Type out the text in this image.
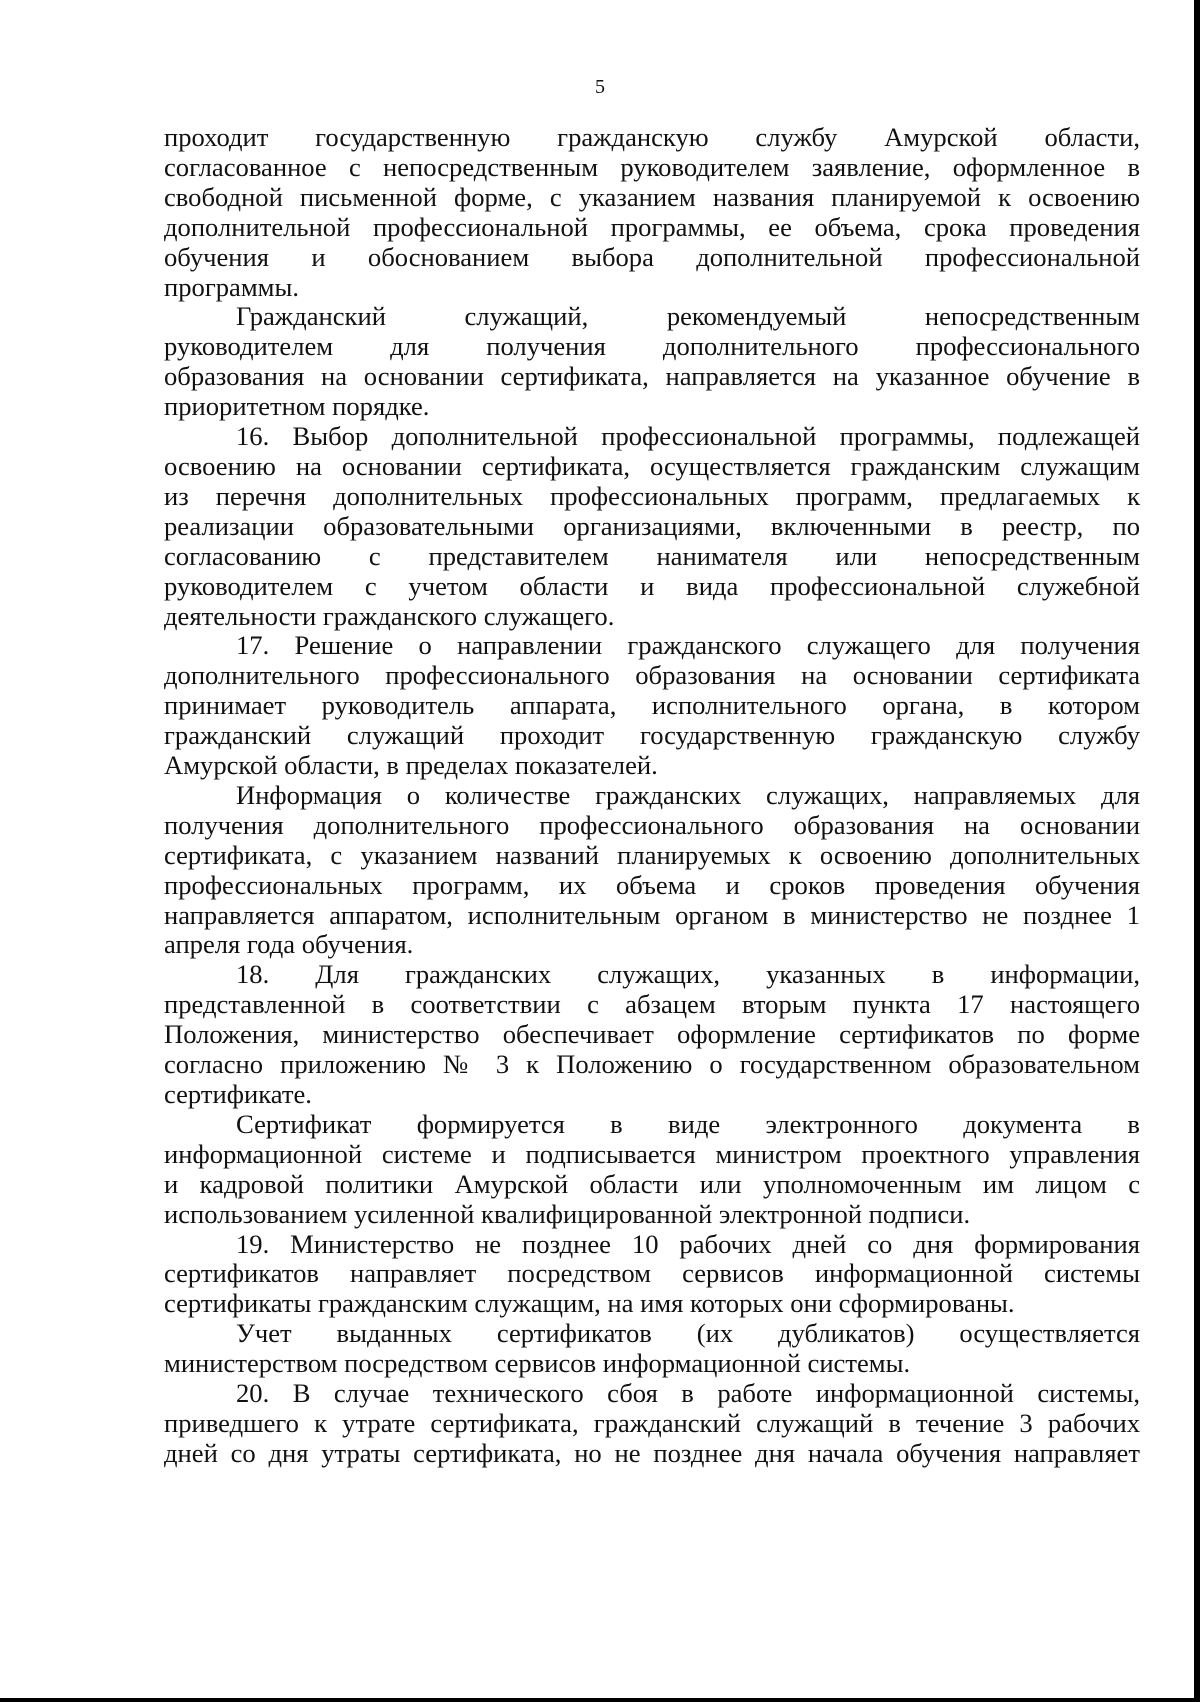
5
проходит государственную гражданскую службу Амурской области,
согласованное с непосредственным руководителем заявление, оформленное в
свободной письменной форме, с указанием названия планируемой к освоению
дополнительной профессиональной программы, ее объема, срока проведения
обучения и обоснованием выбора дополнительной профессиональной
программы.
Гражданский служащий, рекомендуемый непосредственным
руководителем для получения дополнительного профессионального
образования на основании сертификата, направляется на указанное обучение в
приоритетном порядке.
16. Выбор дополнительной профессиональной программы, подлежащей
освоению на основании сертификата, осуществляется гражданским служащим
из перечня дополнительных профессиональных программ, предлагаемых к
реализации образовательными организациями, включенными в реестр, по
согласованию с представителем нанимателя или непосредственным
руководителем с учетом области и вида профессиональной служебной
деятельности гражданского служащего.
17. Решение о направлении гражданского служащего для получения
дополнительного профессионального образования на основании сертификата
принимает руководитель аппарата, исполнительного органа, в котором
гражданский служащий проходит государственную гражданскую службу
Амурской области, в пределах показателей.
Информация о количестве гражданских служащих, направляемых для
получения дополнительного профессионального образования на основании
сертификата, с указанием названий планируемых к освоению дополнительных
профессиональных программ, их объема и сроков проведения обучения
направляется аппаратом, исполнительным органом в министерство не позднее 1
апреля года обучения.
18. Для гражданских служащих, указанных в информации,
представленной в соответствии с абзацем вторым пункта 17 настоящего
Положения, министерство обеспечивает оформление сертификатов по форме
согласно приложению № 3 к Положению о государственном образовательном
сертификате.
Сертификат формируется в виде электронного документа в
информационной системе и подписывается министром проектного управления
и кадровой политики Амурской области или уполномоченным им лицом с
использованием усиленной квалифицированной электронной подписи.
19. Министерство не позднее 10 рабочих дней со дня формирования
сертификатов направляет посредством сервисов информационной системы
сертификаты гражданским служащим, на имя которых они сформированы.
Учет выданных сертификатов (их дубликатов) осуществляется
министерством посредством сервисов информационной системы.
20. В случае технического сбоя в работе информационной системы,
приведшего к утрате сертификата, гражданский служащий в течение 3 рабочих
дней со дня утраты сертификата, но не позднее дня начала обучения направляет
